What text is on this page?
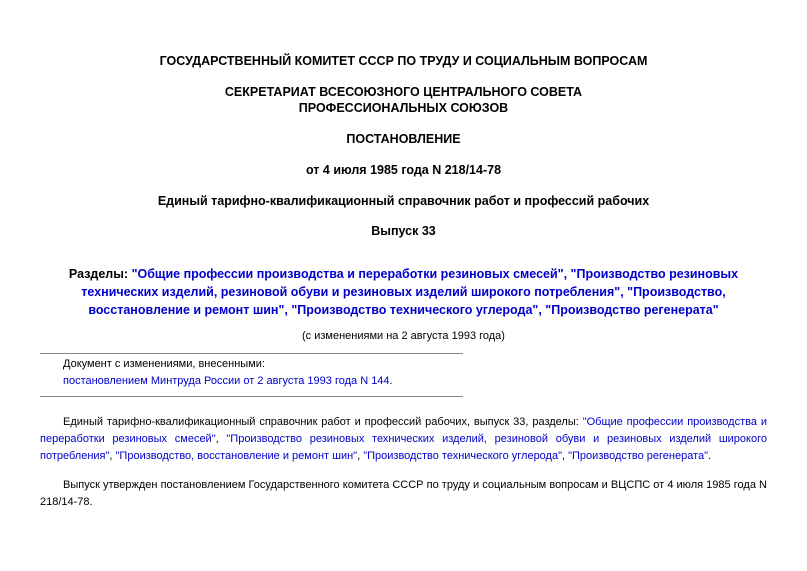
ГОСУДАРСТВЕННЫЙ КОМИТЕТ СССР ПО ТРУДУ И СОЦИАЛЬНЫМ ВОПРОСАМ
СЕКРЕТАРИАТ ВСЕСОЮЗНОГО ЦЕНТРАЛЬНОГО СОВЕТА
ПРОФЕССИОНАЛЬНЫХ СОЮЗОВ
ПОСТАНОВЛЕНИЕ
от 4 июля 1985 года N 218/14-78
Единый тарифно-квалификационный справочник работ и профессий рабочих
Выпуск 33
Разделы: "Общие профессии производства и переработки резиновых смесей", "Производство резиновых технических изделий, резиновой обуви и резиновых изделий широкого потребления", "Производство, восстановление и ремонт шин", "Производство технического углерода", "Производство регенерата"
(с изменениями на 2 августа 1993 года)
Документ с изменениями, внесенными:
постановлением Минтруда России от 2 августа 1993 года N 144.
Единый тарифно-квалификационный справочник работ и профессий рабочих, выпуск 33, разделы: "Общие профессии производства и переработки резиновых смесей", "Производство резиновых технических изделий, резиновой обуви и резиновых изделий широкого потребления", "Производство, восстановление и ремонт шин", "Производство технического углерода", "Производство регенерата".
Выпуск утвержден постановлением Государственного комитета СССР по труду и социальным вопросам и ВЦСПС от 4 июля 1985 года N 218/14-78.
